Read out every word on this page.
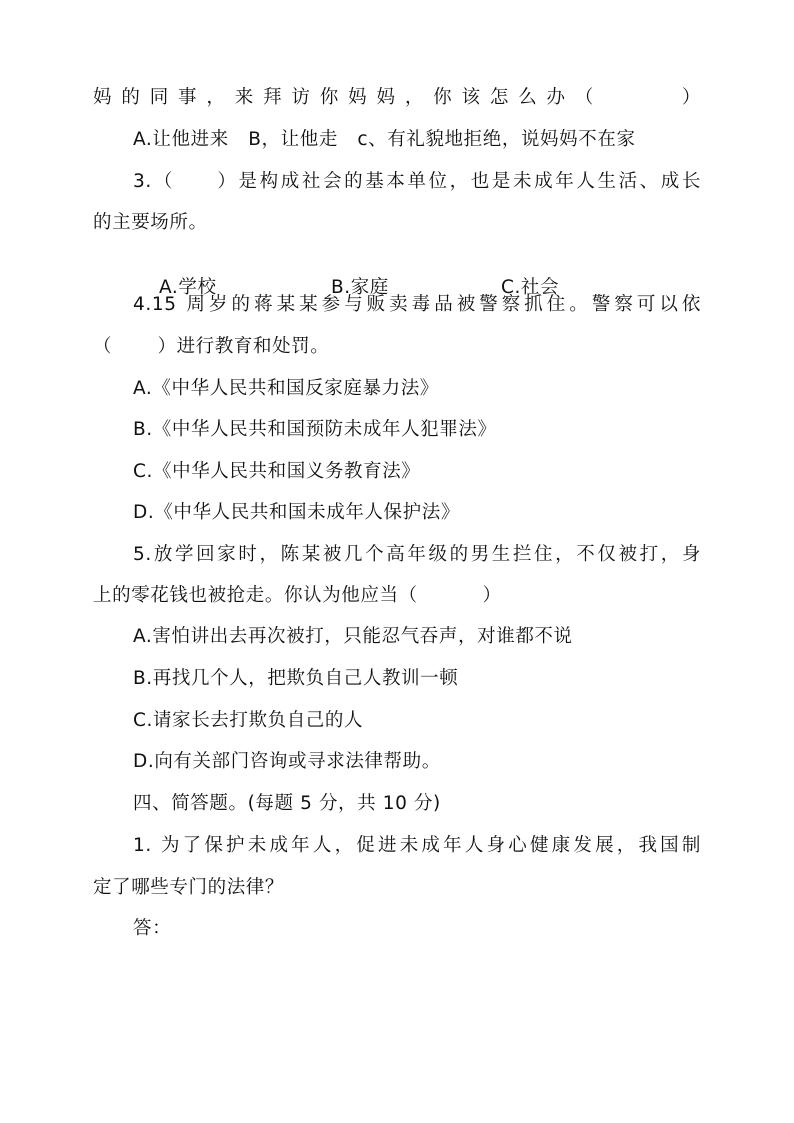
妈的同事，来拜访你妈妈，你该怎么办（     ）
A.让他进来   B，让他走   c、有礼貌地拒绝，说妈妈不在家
3.（     ）是构成社会的基本单位，也是未成年人生活、成长
的主要场所。

A.学校	B.家庭	C.社会

4.15 周岁的蒋某某参与贩卖毒品被警察抓住。警察可以依
（       ）进行教育和处罚。
A.《中华人民共和国反家庭暴力法》
B.《中华人民共和国预防未成年人犯罪法》
C.《中华人民共和国义务教育法》
D.《中华人民共和国未成年人保护法》
5.放学回家时，陈某被几个高年级的男生拦住，不仅被打，身
上的零花钱也被抢走。你认为他应当（          ）
A.害怕讲出去再次被打，只能忍气吞声，对谁都不说
B.再找几个人，把欺负自己人教训一顿
C.请家长去打欺负自己的人
D.向有关部门咨询或寻求法律帮助。
四、简答题。(每题 5 分，共 10 分)
1. 为了保护未成年人，促进未成年人身心健康发展，我国制
定了哪些专门的法律？
答：
